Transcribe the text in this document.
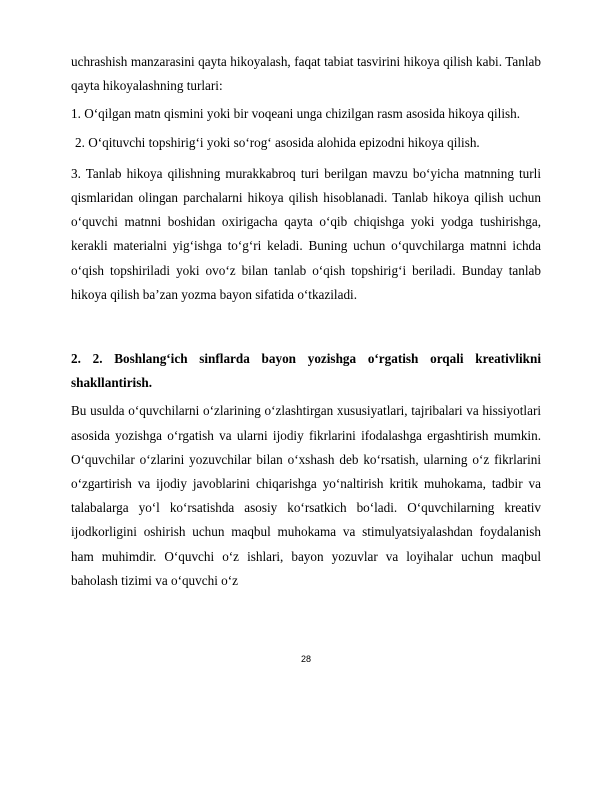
uchrashish manzarasini qayta hikoyalash, faqat tabiat tasvirini hikoya qilish kabi. Tanlab qayta hikoyalashning turlari:

1. O‘qilgan matn qismini yoki bir voqeani unga chizilgan rasm asosida hikoya qilish.

2. O‘qituvchi topshirig‘i yoki so‘rog‘ asosida alohida epizodni hikoya qilish.

3. Tanlab hikoya qilishning murakkabroq turi berilgan mavzu bo‘yicha matnning turli qismlaridan olingan parchalarni hikoya qilish hisoblanadi. Tanlab hikoya qilish uchun o‘quvchi matnni boshidan oxirigacha qayta o‘qib chiqishga yoki yodga tushirishga, kerakli materialni yig‘ishga to‘g‘ri keladi. Buning uchun o‘quvchilarga matnni ichda o‘qish topshiriladi yoki ovo‘z bilan tanlab o‘qish topshirig‘i beriladi. Bunday tanlab hikoya qilish ba’zan yozma bayon sifatida o‘tkaziladi.

2. 2. Boshlang‘ich sinflarda bayon yozishga o‘rgatish orqali kreativlikni shakllantirish.

Bu usulda o‘quvchilarni o‘zlarining o‘zlashtirgan xususiyatlari, tajribalari va hissiyotlari asosida yozishga o‘rgatish va ularni ijodiy fikrlarini ifodalashga ergashtirish mumkin. O‘quvchilar o‘zlarini yozuvchilar bilan o‘xshash deb ko‘rsatish, ularning o‘z fikrlarini o‘zgartirish va ijodiy javoblarini chiqarishga yo‘naltirish kritik muhokama, tadbir va talabalarga yo‘l ko‘rsatishda asosiy ko‘rsatkich bo‘ladi. O‘quvchilarning kreativ ijodkorligini oshirish uchun maqbul muhokama va stimulyatsiyalashdan foydalanish ham muhimdir. O‘quvchi o‘z ishlari, bayon yozuvlar va loyihalar uchun maqbul baholash tizimi va o‘quvchi o‘z

28
